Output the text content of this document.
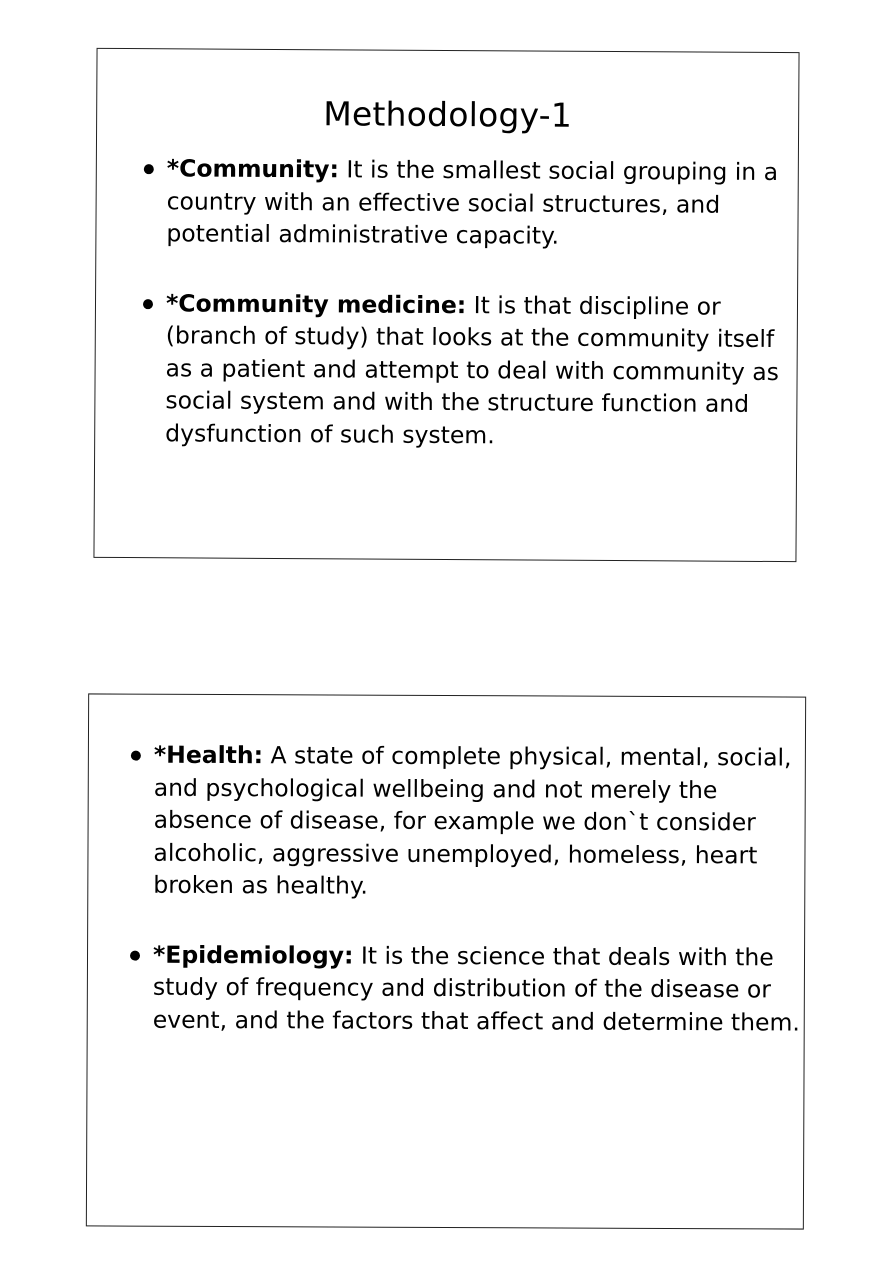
Methodology-1
*Community: It is the smallest social grouping in a country with an effective social structures, and potential administrative capacity.
*Community medicine: It is that discipline or (branch of study) that looks at the community itself as a patient and attempt to deal with community as social system and with the structure function and dysfunction of such system.
*Health: A state of complete physical, mental, social, and psychological wellbeing and not merely the absence of disease, for example we don`t consider alcoholic, aggressive unemployed, homeless, heart broken as healthy.
*Epidemiology: It is the science that deals with the study of frequency and distribution of the disease or event, and the factors that affect and determine them.
